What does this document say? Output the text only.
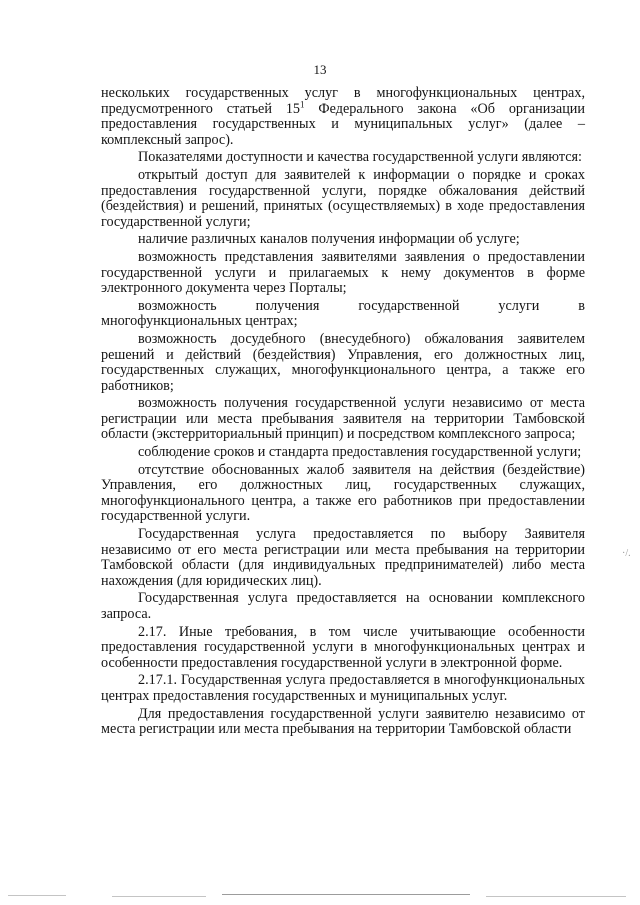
13

нескольких государственных услуг в многофункциональных центрах, предусмотренного статьей $15^1$ Федерального закона «Об организации предоставления государственных и муниципальных услуг» (далее – комплексный запрос).

Показателями доступности и качества государственной услуги являются:

открытый доступ для заявителей к информации о порядке и сроках предоставления государственной услуги, порядке обжалования действий (бездействия) и решений, принятых (осуществляемых) в ходе предоставления государственной услуги;

наличие различных каналов получения информации об услуге;

возможность представления заявителями заявления о предоставлении государственной услуги и прилагаемых к нему документов в форме электронного документа через Порталы;

возможность получения государственной услуги в многофункциональных центрах;

возможность досудебного (внесудебного) обжалования заявителем решений и действий (бездействия) Управления, его должностных лиц, государственных служащих, многофункционального центра, а также его работников;

возможность получения государственной услуги независимо от места регистрации или места пребывания заявителя на территории Тамбовской области (экстерриториальный принцип) и посредством комплексного запроса;

соблюдение сроков и стандарта предоставления государственной услуги;

отсутствие обоснованных жалоб заявителя на действия (бездействие) Управления, его должностных лиц, государственных служащих, многофункционального центра, а также его работников при предоставлении государственной услуги.

Государственная услуга предоставляется по выбору Заявителя независимо от его места регистрации или места пребывания на территории Тамбовской области (для индивидуальных предпринимателей) либо места нахождения (для юридических лиц).

Государственная услуга предоставляется на основании комплексного запроса.

2.17. Иные требования, в том числе учитывающие особенности предоставления государственной услуги в многофункциональных центрах и особенности предоставления государственной услуги в электронной форме.

2.17.1. Государственная услуга предоставляется в многофункциональных центрах предоставления государственных и муниципальных услуг.

Для предоставления государственной услуги заявителю независимо от места регистрации или места пребывания на территории Тамбовской области

·/.
